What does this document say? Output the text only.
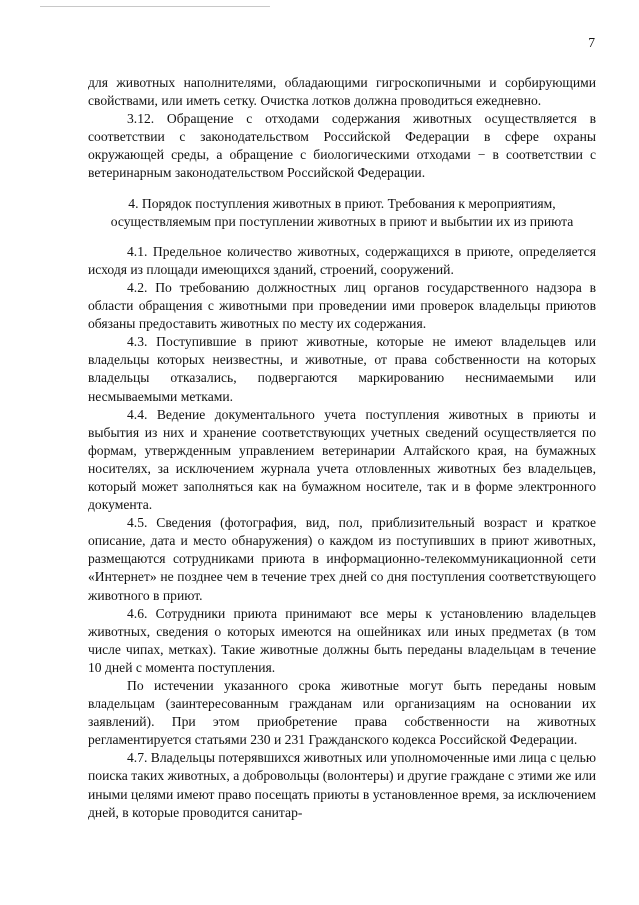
7

для животных наполнителями, обладающими гигроскопичными и сорбирующими свойствами, или иметь сетку. Очистка лотков должна проводиться ежедневно.

3.12. Обращение с отходами содержания животных осуществляется в соответствии с законодательством Российской Федерации в сфере охраны окружающей среды, а обращение с биологическими отходами − в соответствии с ветеринарным законодательством Российской Федерации.

4. Порядок поступления животных в приют. Требования к мероприятиям, осуществляемым при поступлении животных в приют и выбытии их из приюта

4.1. Предельное количество животных, содержащихся в приюте, определяется исходя из площади имеющихся зданий, строений, сооружений.

4.2. По требованию должностных лиц органов государственного надзора в области обращения с животными при проведении ими проверок владельцы приютов обязаны предоставить животных по месту их содержания.

4.3. Поступившие в приют животные, которые не имеют владельцев или владельцы которых неизвестны, и животные, от права собственности на которых владельцы отказались, подвергаются маркированию неснимаемыми или несмываемыми метками.

4.4. Ведение документального учета поступления животных в приюты и выбытия из них и хранение соответствующих учетных сведений осуществляется по формам, утвержденным управлением ветеринарии Алтайского края, на бумажных носителях, за исключением журнала учета отловленных животных без владельцев, который может заполняться как на бумажном носителе, так и в форме электронного документа.

4.5. Сведения (фотография, вид, пол, приблизительный возраст и краткое описание, дата и место обнаружения) о каждом из поступивших в приют животных, размещаются сотрудниками приюта в информационно-телекоммуникационной сети «Интернет» не позднее чем в течение трех дней со дня поступления соответствующего животного в приют.

4.6. Сотрудники приюта принимают все меры к установлению владельцев животных, сведения о которых имеются на ошейниках или иных предметах (в том числе чипах, метках). Такие животные должны быть переданы владельцам в течение 10 дней с момента поступления.

По истечении указанного срока животные могут быть переданы новым владельцам (заинтересованным гражданам или организациям на основании их заявлений). При этом приобретение права собственности на животных регламентируется статьями 230 и 231 Гражданского кодекса Российской Федерации.

4.7. Владельцы потерявшихся животных или уполномоченные ими лица с целью поиска таких животных, а добровольцы (волонтеры) и другие граждане с этими же или иными целями имеют право посещать приюты в установленное время, за исключением дней, в которые проводится санитар-
